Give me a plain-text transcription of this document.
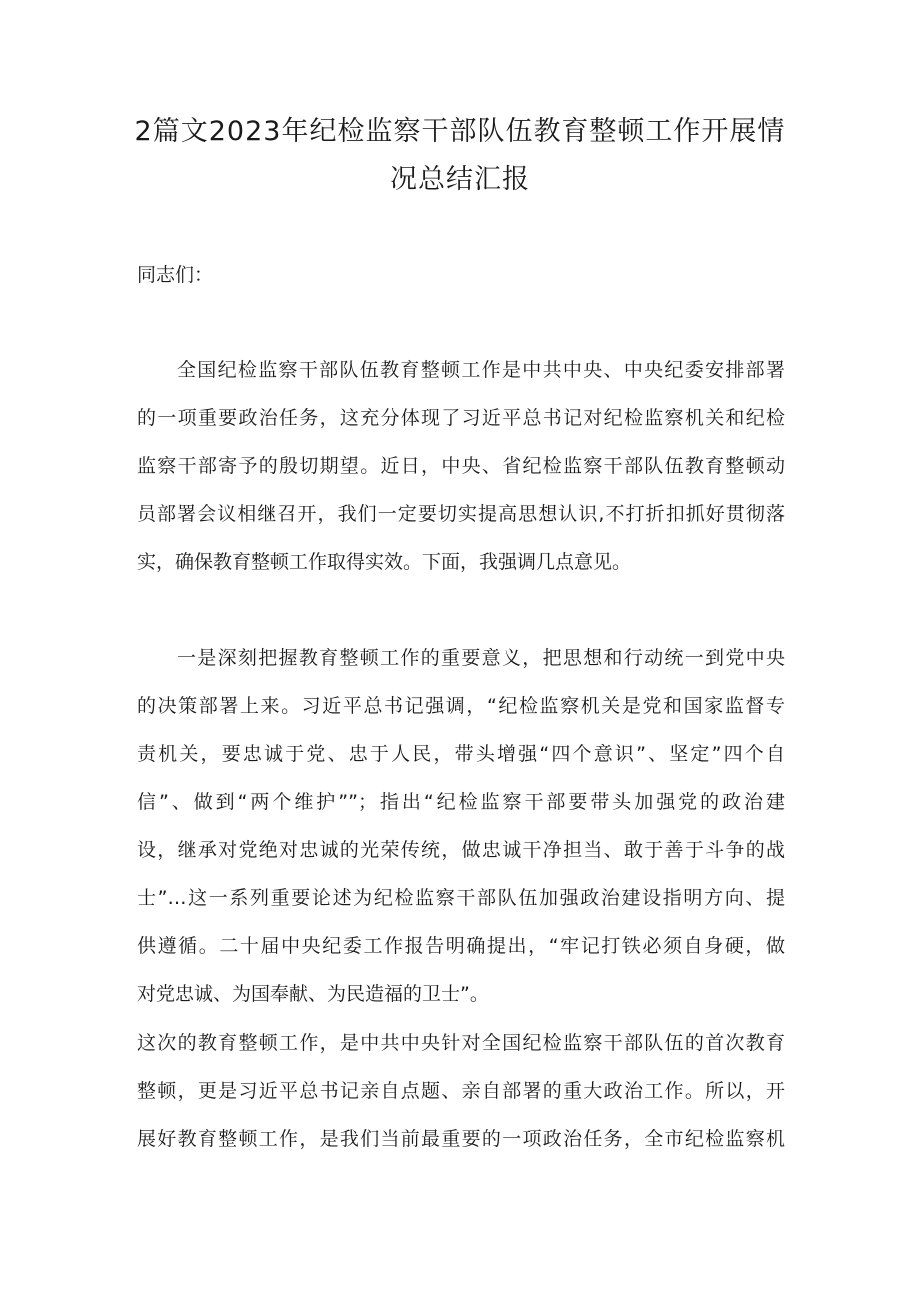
2篇文2023年纪检监察干部队伍教育整顿工作开展情
况总结汇报

同志们：

全国纪检监察干部队伍教育整顿工作是中共中央、中央纪委安排部署

的一项重要政治任务，这充分体现了习近平总书记对纪检监察机关和纪检

监察干部寄予的殷切期望。近日，中央、省纪检监察干部队伍教育整顿动

员部署会议相继召开，我们一定要切实提高思想认识,不打折扣抓好贯彻落

实，确保教育整顿工作取得实效。下面，我强调几点意见。

一是深刻把握教育整顿工作的重要意义，把思想和行动统一到党中央

的决策部署上来。习近平总书记强调，“纪检监察机关是党和国家监督专

责机关，要忠诚于党、忠于人民，带头增强“四个意识”、坚定”四个自

信”、做到“两个维护””；指出“纪检监察干部要带头加强党的政治建

设，继承对党绝对忠诚的光荣传统，做忠诚干净担当、敢于善于斗争的战

士”…这一系列重要论述为纪检监察干部队伍加强政治建设指明方向、提

供遵循。二十届中央纪委工作报告明确提出，“牢记打铁必须自身硬，做

对党忠诚、为国奉献、为民造福的卫士”。

这次的教育整顿工作，是中共中央针对全国纪检监察干部队伍的首次教育

整顿，更是习近平总书记亲自点题、亲自部署的重大政治工作。所以，开

展好教育整顿工作，是我们当前最重要的一项政治任务，全市纪检监察机
